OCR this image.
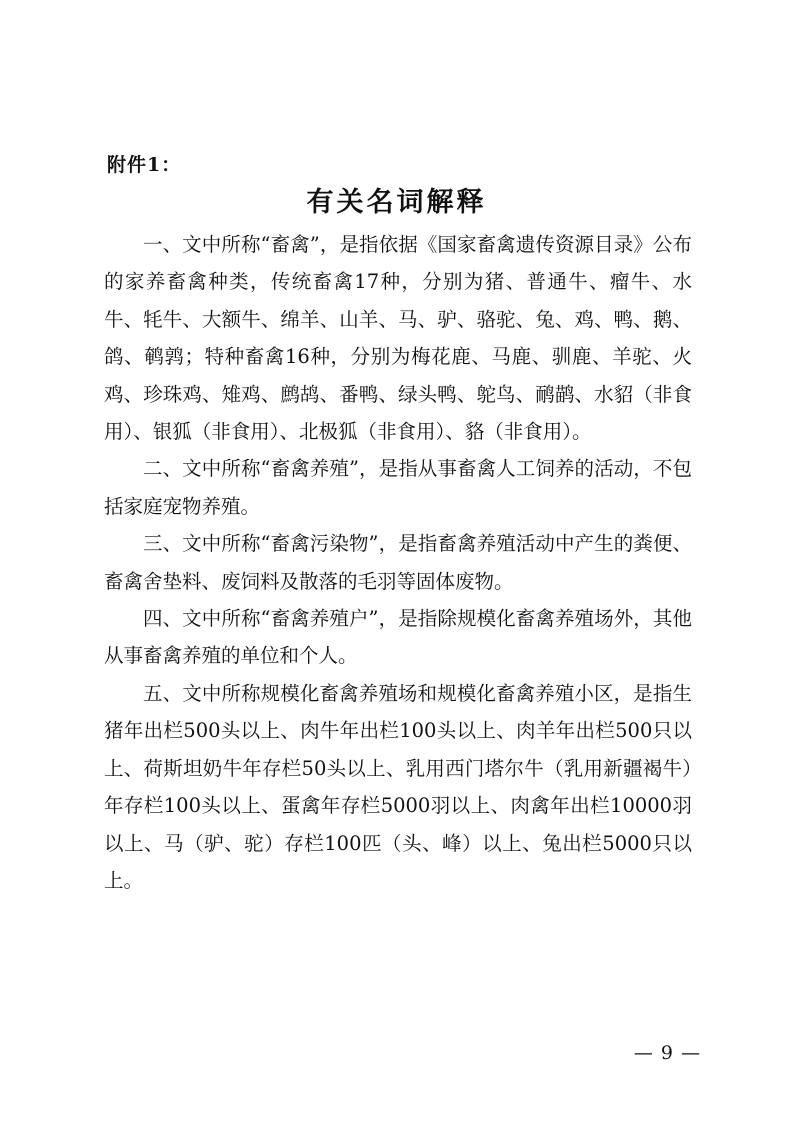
附件1：
有关名词解释

一、文中所称“畜禽”，是指依据《国家畜禽遗传资源目录》公布的家养畜禽种类，传统畜禽17种，分别为猪、普通牛、瘤牛、水牛、牦牛、大额牛、绵羊、山羊、马、驴、骆驼、兔、鸡、鸭、鹅、鸽、鹌鹑；特种畜禽16种，分别为梅花鹿、马鹿、驯鹿、羊驼、火鸡、珍珠鸡、雉鸡、鹧鸪、番鸭、绿头鸭、鸵鸟、鸸鹋、水貂（非食用）、银狐（非食用）、北极狐（非食用）、貉（非食用）。

二、文中所称“畜禽养殖”，是指从事畜禽人工饲养的活动，不包括家庭宠物养殖。

三、文中所称“畜禽污染物”，是指畜禽养殖活动中产生的粪便、畜禽舍垫料、废饲料及散落的毛羽等固体废物。

四、文中所称“畜禽养殖户”，是指除规模化畜禽养殖场外，其他从事畜禽养殖的单位和个人。

五、文中所称规模化畜禽养殖场和规模化畜禽养殖小区，是指生猪年出栏500头以上、肉牛年出栏100头以上、肉羊年出栏500只以上、荷斯坦奶牛年存栏50头以上、乳用西门塔尔牛（乳用新疆褐牛）年存栏100头以上、蛋禽年存栏5000羽以上、肉禽年出栏10000羽以上、马（驴、驼）存栏100匹（头、峰）以上、兔出栏5000只以上。

— 9 —
